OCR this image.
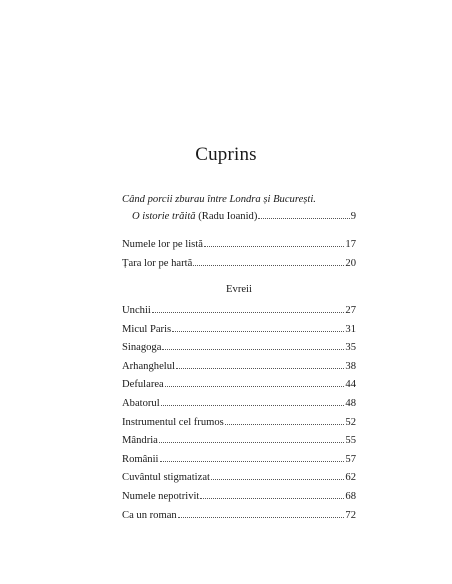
Cuprins
Când porcii zburau între Londra și București.
O istorie trăită (Radu Ioanid)	9
Numele lor pe listă	17
Țara lor pe hartă	20
Evreii
Unchii	27
Micul Paris	31
Sinagoga	35
Arhanghelul	38
Defularea	44
Abatorul	48
Instrumentul cel frumos	52
Mândria	55
Românii	57
Cuvântul stigmatizat	62
Numele nepotrivit	68
Ca un roman	72
